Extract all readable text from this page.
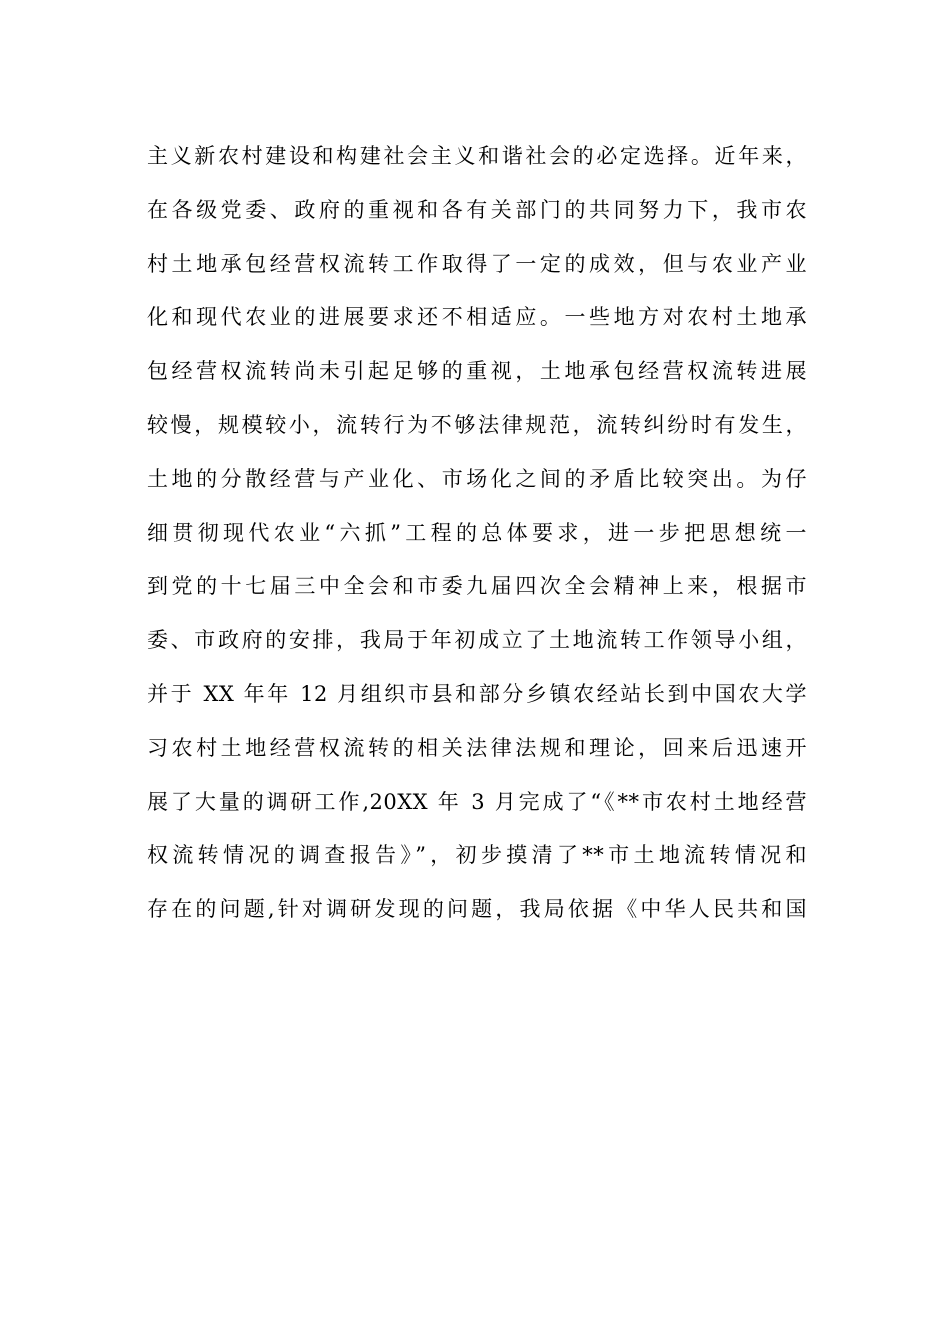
主义新农村建设和构建社会主义和谐社会的必定选择。近年来，
在各级党委、政府的重视和各有关部门的共同努力下，我市农
村土地承包经营权流转工作取得了一定的成效，但与农业产业
化和现代农业的进展要求还不相适应。一些地方对农村土地承
包经营权流转尚未引起足够的重视，土地承包经营权流转进展
较慢，规模较小，流转行为不够法律规范，流转纠纷时有发生，
土地的分散经营与产业化、市场化之间的矛盾比较突出。为仔
细贯彻现代农业“六抓”工程的总体要求，进一步把思想统一
到党的十七届三中全会和市委九届四次全会精神上来，根据市
委、市政府的安排，我局于年初成立了土地流转工作领导小组，
并于 XX 年年 12 月组织市县和部分乡镇农经站长到中国农大学
习农村土地经营权流转的相关法律法规和理论，回来后迅速开
展了大量的调研工作,20XX 年 3 月完成了“《**市农村土地经营
权流转情况的调查报告》”，初步摸清了**市土地流转情况和
存在的问题,针对调研发现的问题，我局依据《中华人民共和国
